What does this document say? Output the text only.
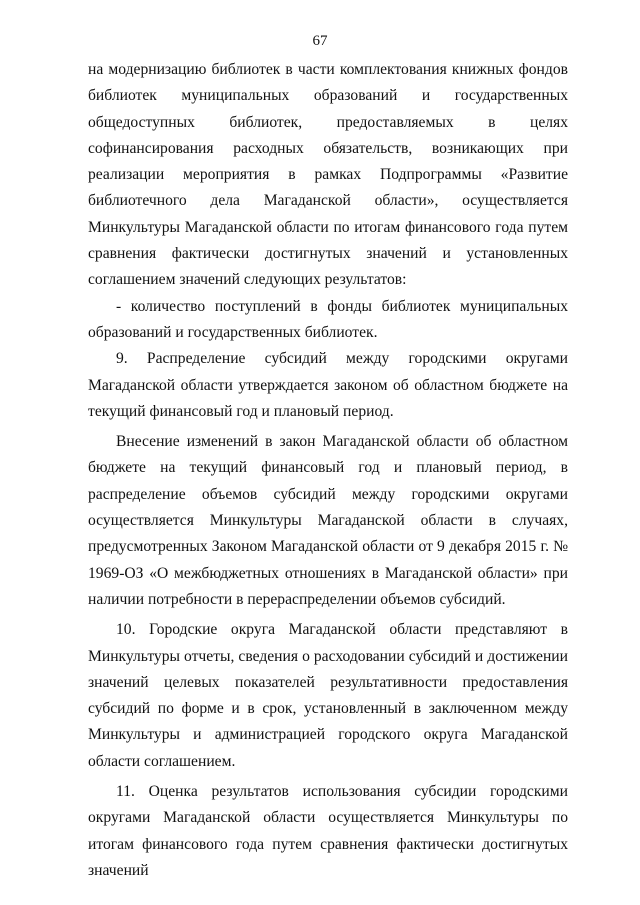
67

на модернизацию библиотек в части комплектования книжных фондов библиотек муниципальных образований и государственных общедоступных библиотек, предоставляемых в целях софинансирования расходных обязательств, возникающих при реализации мероприятия в рамках Подпрограммы «Развитие библиотечного дела Магаданской области», осуществляется Минкультуры Магаданской области по итогам финансового года путем сравнения фактически достигнутых значений и установленных соглашением значений следующих результатов:

- количество поступлений в фонды библиотек муниципальных образований и государственных библиотек.

9. Распределение субсидий между городскими округами Магаданской области утверждается законом об областном бюджете на текущий финансовый год и плановый период.

Внесение изменений в закон Магаданской области об областном бюджете на текущий финансовый год и плановый период, в распределение объемов субсидий между городскими округами осуществляется Минкультуры Магаданской области в случаях, предусмотренных Законом Магаданской области от 9 декабря 2015 г. № 1969-ОЗ «О межбюджетных отношениях в Магаданской области» при наличии потребности в перераспределении объемов субсидий.

10. Городские округа Магаданской области представляют в Минкультуры отчеты, сведения о расходовании субсидий и достижении значений целевых показателей результативности предоставления субсидий по форме и в срок, установленный в заключенном между Минкультуры и администрацией городского округа Магаданской области соглашением.

11. Оценка результатов использования субсидии городскими округами Магаданской области осуществляется Минкультуры по итогам финансового года путем сравнения фактически достигнутых значений
